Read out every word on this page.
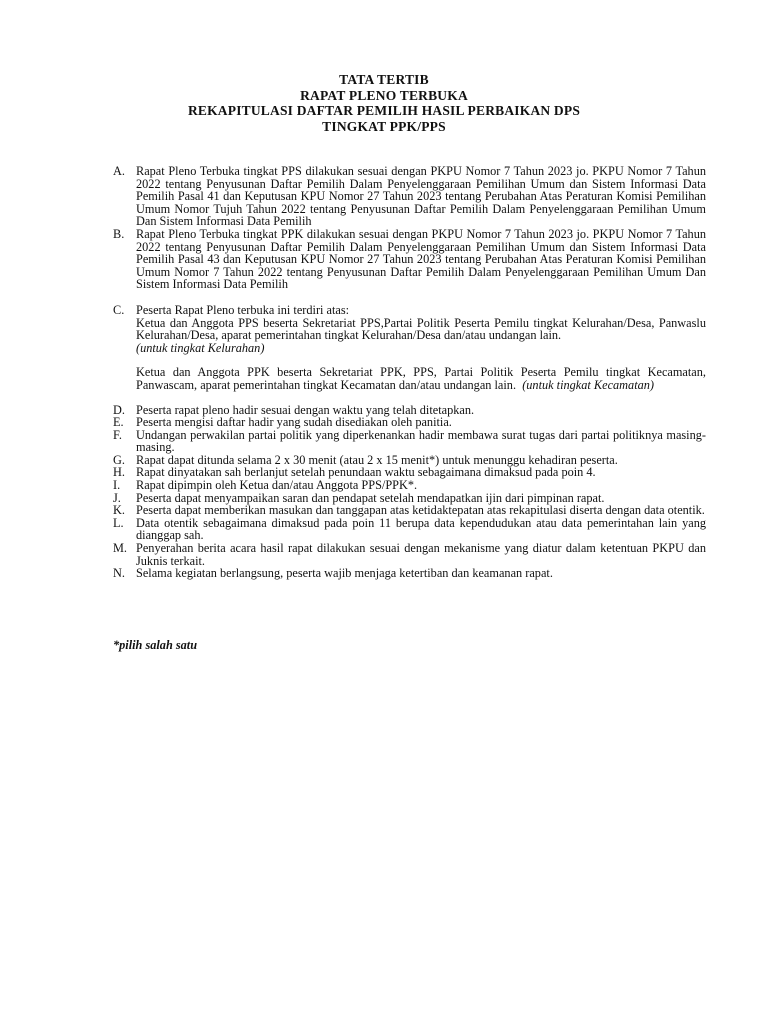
TATA TERTIB
RAPAT PLENO TERBUKA
REKAPITULASI DAFTAR PEMILIH HASIL PERBAIKAN DPS
TINGKAT PPK/PPS
A. Rapat Pleno Terbuka tingkat PPS dilakukan sesuai dengan PKPU Nomor 7 Tahun 2023 jo. PKPU Nomor 7 Tahun 2022 tentang Penyusunan Daftar Pemilih Dalam Penyelenggaraan Pemilihan Umum dan Sistem Informasi Data Pemilih Pasal 41 dan Keputusan KPU Nomor 27 Tahun 2023 tentang Perubahan Atas Peraturan Komisi Pemilihan Umum Nomor Tujuh Tahun 2022 tentang Penyusunan Daftar Pemilih Dalam Penyelenggaraan Pemilihan Umum Dan Sistem Informasi Data Pemilih

B. Rapat Pleno Terbuka tingkat PPK dilakukan sesuai dengan PKPU Nomor 7 Tahun 2023 jo. PKPU Nomor 7 Tahun 2022 tentang Penyusunan Daftar Pemilih Dalam Penyelenggaraan Pemilihan Umum dan Sistem Informasi Data Pemilih Pasal 43 dan Keputusan KPU Nomor 27 Tahun 2023 tentang Perubahan Atas Peraturan Komisi Pemilihan Umum Nomor 7 Tahun 2022 tentang Penyusunan Daftar Pemilih Dalam Penyelenggaraan Pemilihan Umum Dan Sistem Informasi Data Pemilih

C. Peserta Rapat Pleno terbuka ini terdiri atas:

Ketua dan Anggota PPS beserta Sekretariat PPS,Partai Politik Peserta Pemilu tingkat Kelurahan/Desa, Panwaslu Kelurahan/Desa, aparat pemerintahan tingkat Kelurahan/Desa dan/atau undangan lain.
(untuk tingkat Kelurahan)

Ketua dan Anggota PPK beserta Sekretariat PPK, PPS, Partai Politik Peserta Pemilu tingkat Kecamatan, Panwascam, aparat pemerintahan tingkat Kecamatan dan/atau undangan lain. (untuk tingkat Kecamatan)

D. Peserta rapat pleno hadir sesuai dengan waktu yang telah ditetapkan.

E.	Peserta mengisi daftar hadir yang sudah disediakan oleh panitia.

F.	Undangan perwakilan partai politik yang diperkenankan hadir membawa surat tugas dari partai politiknya masing-masing.

G. Rapat dapat ditunda selama 2 x 30 menit (atau 2 x 15 menit*) untuk menunggu kehadiran peserta.

H. Rapat dinyatakan sah berlanjut setelah penundaan waktu sebagaimana dimaksud pada poin 4.

I.	Rapat dipimpin oleh Ketua dan/atau Anggota PPS/PPK*.

J.	Peserta dapat menyampaikan saran dan pendapat setelah mendapatkan ijin dari pimpinan rapat.

K. Peserta dapat memberikan masukan dan tanggapan atas ketidaktepatan atas rekapitulasi diserta dengan data otentik.

L.	Data otentik sebagaimana dimaksud pada poin 11 berupa data kependudukan atau data pemerintahan lain yang dianggap sah.

M. Penyerahan berita acara hasil rapat dilakukan sesuai dengan mekanisme yang diatur dalam ketentuan PKPU dan Juknis terkait.

N. Selama kegiatan berlangsung, peserta wajib menjaga ketertiban dan keamanan rapat.

*pilih salah satu
